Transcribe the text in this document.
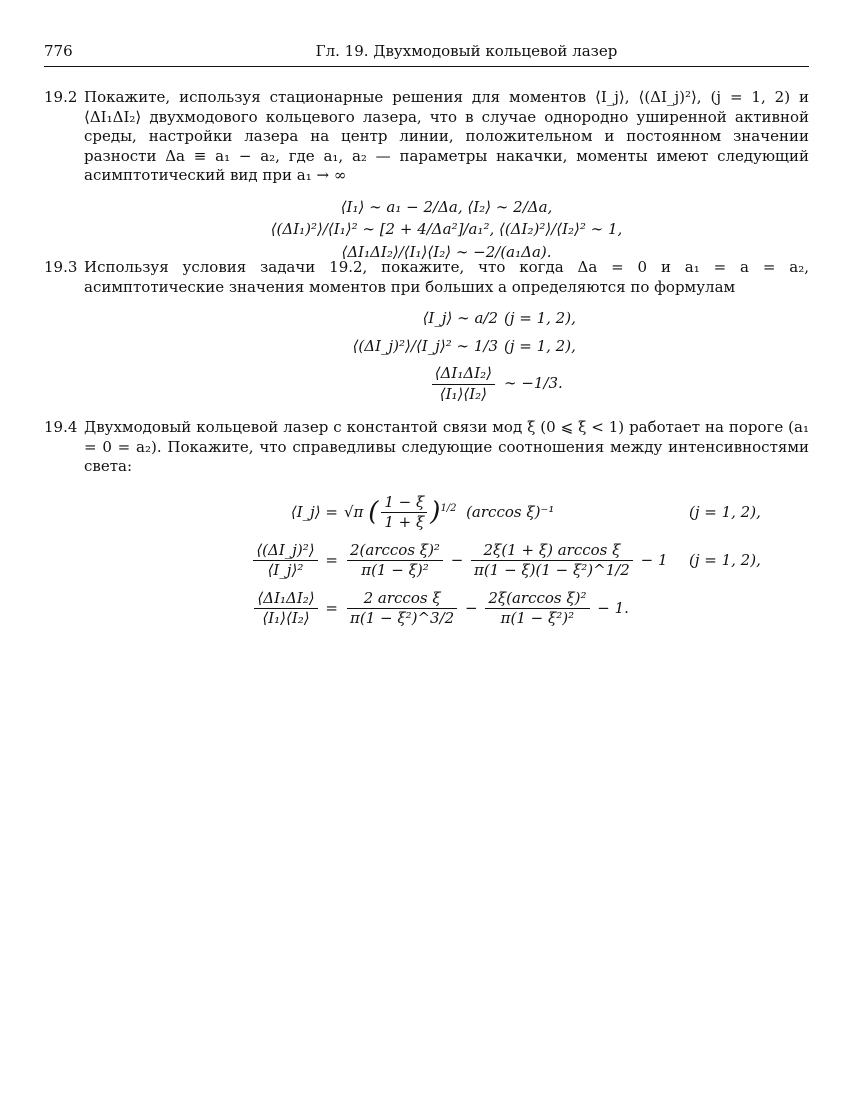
776	Гл. 19. Двухмодовый кольцевой лазер
19.2 Покажите, используя стационарные решения для моментов ⟨I_j⟩, ⟨(ΔI_j)²⟩, (j = 1, 2) и ⟨ΔI₁ΔI₂⟩ двухмодового кольцевого лазера, что в случае однородно уширенной активной среды, настройки лазера на центр линии, положительном и постоянном значении разности Δa ≡ a₁ − a₂, где a₁, a₂ — параметры накачки, моменты имеют следующий асимптотический вид при a₁ → ∞
⟨I₁⟩ ∼ a₁ − 2/Δa, ⟨I₂⟩ ∼ 2/Δa,
⟨(ΔI₁)²⟩/⟨I₁⟩² ∼ [2 + 4/Δa²]/a₁², ⟨(ΔI₂)²⟩/⟨I₂⟩² ∼ 1,
⟨ΔI₁ΔI₂⟩/⟨I₁⟩⟨I₂⟩ ∼ −2/(a₁Δa).
19.3 Используя условия задачи 19.2, покажите, что когда Δa = 0 и a₁ = a = a₂, асимптотические значения моментов при больших a определяются по формулам
⟨I_j⟩ ∼ a/2 (j = 1, 2),
⟨(ΔI_j)²⟩/⟨I_j⟩² ∼ 1/3 (j = 1, 2),
$\frac{\text{⟨ΔI₁ΔI₂⟩}}{\text{⟨I₁⟩⟨I₂⟩}}$ ∼ −1/3.
19.4 Двухмодовый кольцевой лазер с константой связи мод ξ (0 ⩽ ξ < 1) работает на пороге (a₁ = 0 = a₂). Покажите, что справедливы следующие соотношения между интенсивностями света:
⟨I_j⟩ = √π ( $\frac{1 - \xi}{1 + \xi} )^{1/2}$ (arccos ξ)⁻¹	(j = 1, 2),
$\frac{\text{⟨(ΔI\_j)²⟩}}{\text{⟨I\_j⟩²}} = \frac{\text{2(arccos ξ)²}}{\text{π(1 − ξ)²}} - \frac{\text{2ξ(1 + ξ) arccos ξ}}{\text{π(1 − ξ)(1 − ξ²)\textasciicircum{}1/2}} - 1$	(j = 1, 2),
$\frac{\text{⟨ΔI₁ΔI₂⟩}}{\text{⟨I₁⟩⟨I₂⟩}} = \frac{\text{2 arccos ξ}}{\text{π(1 − ξ²)\textasciicircum{}3/2}} - \frac{\text{2ξ(arccos ξ)²}}{\text{π(1 − ξ²)²}} - 1$.
